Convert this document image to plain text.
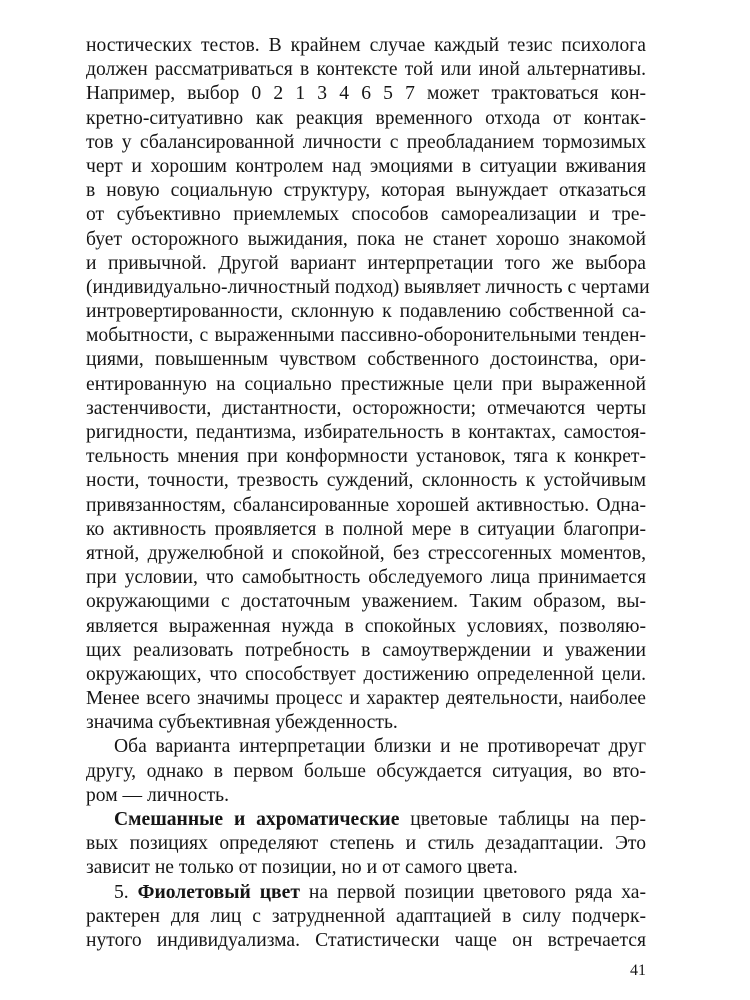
ностических тестов. В крайнем случае каждый тезис психолога
должен рассматриваться в контексте той или иной альтернативы.
Например, выбор 0 2 1 3 4 6 5 7 может трактоваться кон-
кретно-ситуативно как реакция временного отхода от контак-
тов у сбалансированной личности с преобладанием тормозимых
черт и хорошим контролем над эмоциями в ситуации вживания
в новую социальную структуру, которая вынуждает отказаться
от субъективно приемлемых способов самореализации и тре-
бует осторожного выжидания, пока не станет хорошо знакомой
и привычной. Другой вариант интерпретации того же выбора
(индивидуально-личностный подход) выявляет личность с чертами
интровертированности, склонную к подавлению собственной са-
мобытности, с выраженными пассивно-оборонительными тенден-
циями, повышенным чувством собственного достоинства, ори-
ентированную на социально престижные цели при выраженной
застенчивости, дистантности, осторожности; отмечаются черты
ригидности, педантизма, избирательность в контактах, самостоя-
тельность мнения при конформности установок, тяга к конкрет-
ности, точности, трезвость суждений, склонность к устойчивым
привязанностям, сбалансированные хорошей активностью. Одна-
ко активность проявляется в полной мере в ситуации благопри-
ятной, дружелюбной и спокойной, без стрессогенных моментов,
при условии, что самобытность обследуемого лица принимается
окружающими с достаточным уважением. Таким образом, вы-
является выраженная нужда в спокойных условиях, позволяю-
щих реализовать потребность в самоутверждении и уважении
окружающих, что способствует достижению определенной цели.
Менее всего значимы процесс и характер деятельности, наиболее
значима субъективная убежденность.
Оба варианта интерпретации близки и не противоречат друг
другу, однако в первом больше обсуждается ситуация, во вто-
ром — личность.
Смешанные и ахроматические цветовые таблицы на пер-
вых позициях определяют степень и стиль дезадаптации. Это
зависит не только от позиции, но и от самого цвета.
5. Фиолетовый цвет на первой позиции цветового ряда ха-
рактерен для лиц с затрудненной адаптацией в силу подчерк-
нутого индивидуализма. Статистически чаще он встречается
41
